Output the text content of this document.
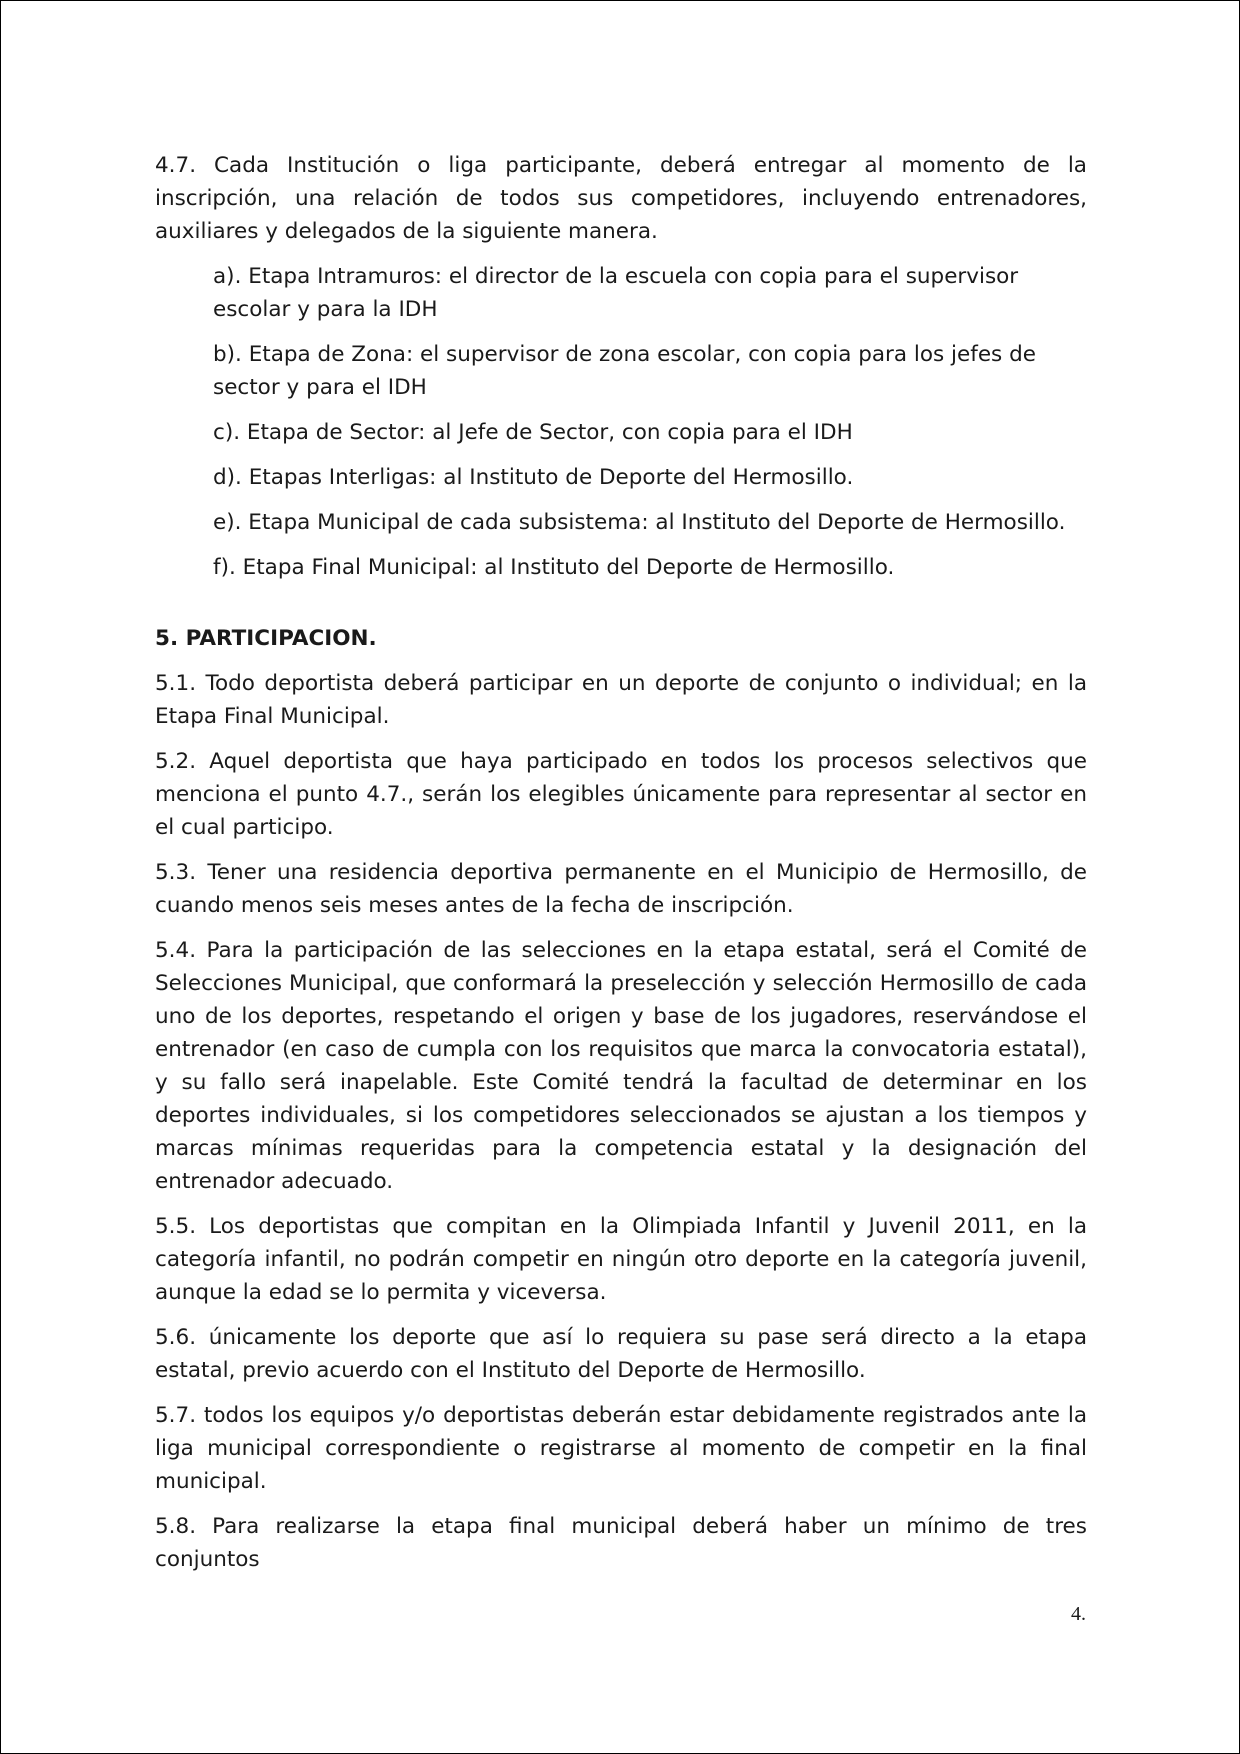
4.7. Cada Institución o liga participante, deberá entregar al momento de la inscripción, una relación de todos sus competidores, incluyendo entrenadores, auxiliares y delegados de la siguiente manera.

a). Etapa Intramuros: el director de la escuela con copia para el supervisor escolar y para la IDH

b). Etapa de Zona: el supervisor de zona escolar, con copia para los jefes de sector y para el IDH

c). Etapa de Sector: al Jefe de Sector, con copia para el IDH

d). Etapas Interligas: al Instituto de Deporte del Hermosillo.

e). Etapa Municipal de cada subsistema: al Instituto del Deporte de Hermosillo.

f). Etapa Final Municipal: al Instituto del Deporte de Hermosillo.

5. PARTICIPACION.

5.1. Todo deportista deberá participar en un deporte de conjunto o individual; en la Etapa Final Municipal.

5.2. Aquel deportista que haya participado en todos los procesos selectivos que menciona el punto 4.7., serán los elegibles únicamente para representar al sector en el cual participo.

5.3. Tener una residencia deportiva permanente en el Municipio de Hermosillo, de cuando menos seis meses antes de la fecha de inscripción.

5.4. Para la participación de las selecciones en la etapa estatal, será el Comité de Selecciones Municipal, que conformará la preselección y selección Hermosillo de cada uno de los deportes, respetando el origen y base de los jugadores, reservándose el entrenador (en caso de cumpla con los requisitos que marca la convocatoria estatal), y su fallo será inapelable. Este Comité tendrá la facultad de determinar en los deportes individuales, si los competidores seleccionados se ajustan a los tiempos y marcas mínimas requeridas para la competencia estatal y la designación del entrenador adecuado.

5.5. Los deportistas que compitan en la Olimpiada Infantil y Juvenil 2011, en la categoría infantil, no podrán competir en ningún otro deporte en la categoría juvenil, aunque la edad se lo permita y viceversa.

5.6. únicamente los deporte que así lo requiera su pase será directo a la etapa estatal, previo acuerdo con el Instituto del Deporte de Hermosillo.

5.7. todos los equipos y/o deportistas deberán estar debidamente registrados ante la liga municipal correspondiente o registrarse al momento de competir en la final municipal.

5.8. Para realizarse la etapa final municipal deberá haber un mínimo de tres conjuntos

4.
